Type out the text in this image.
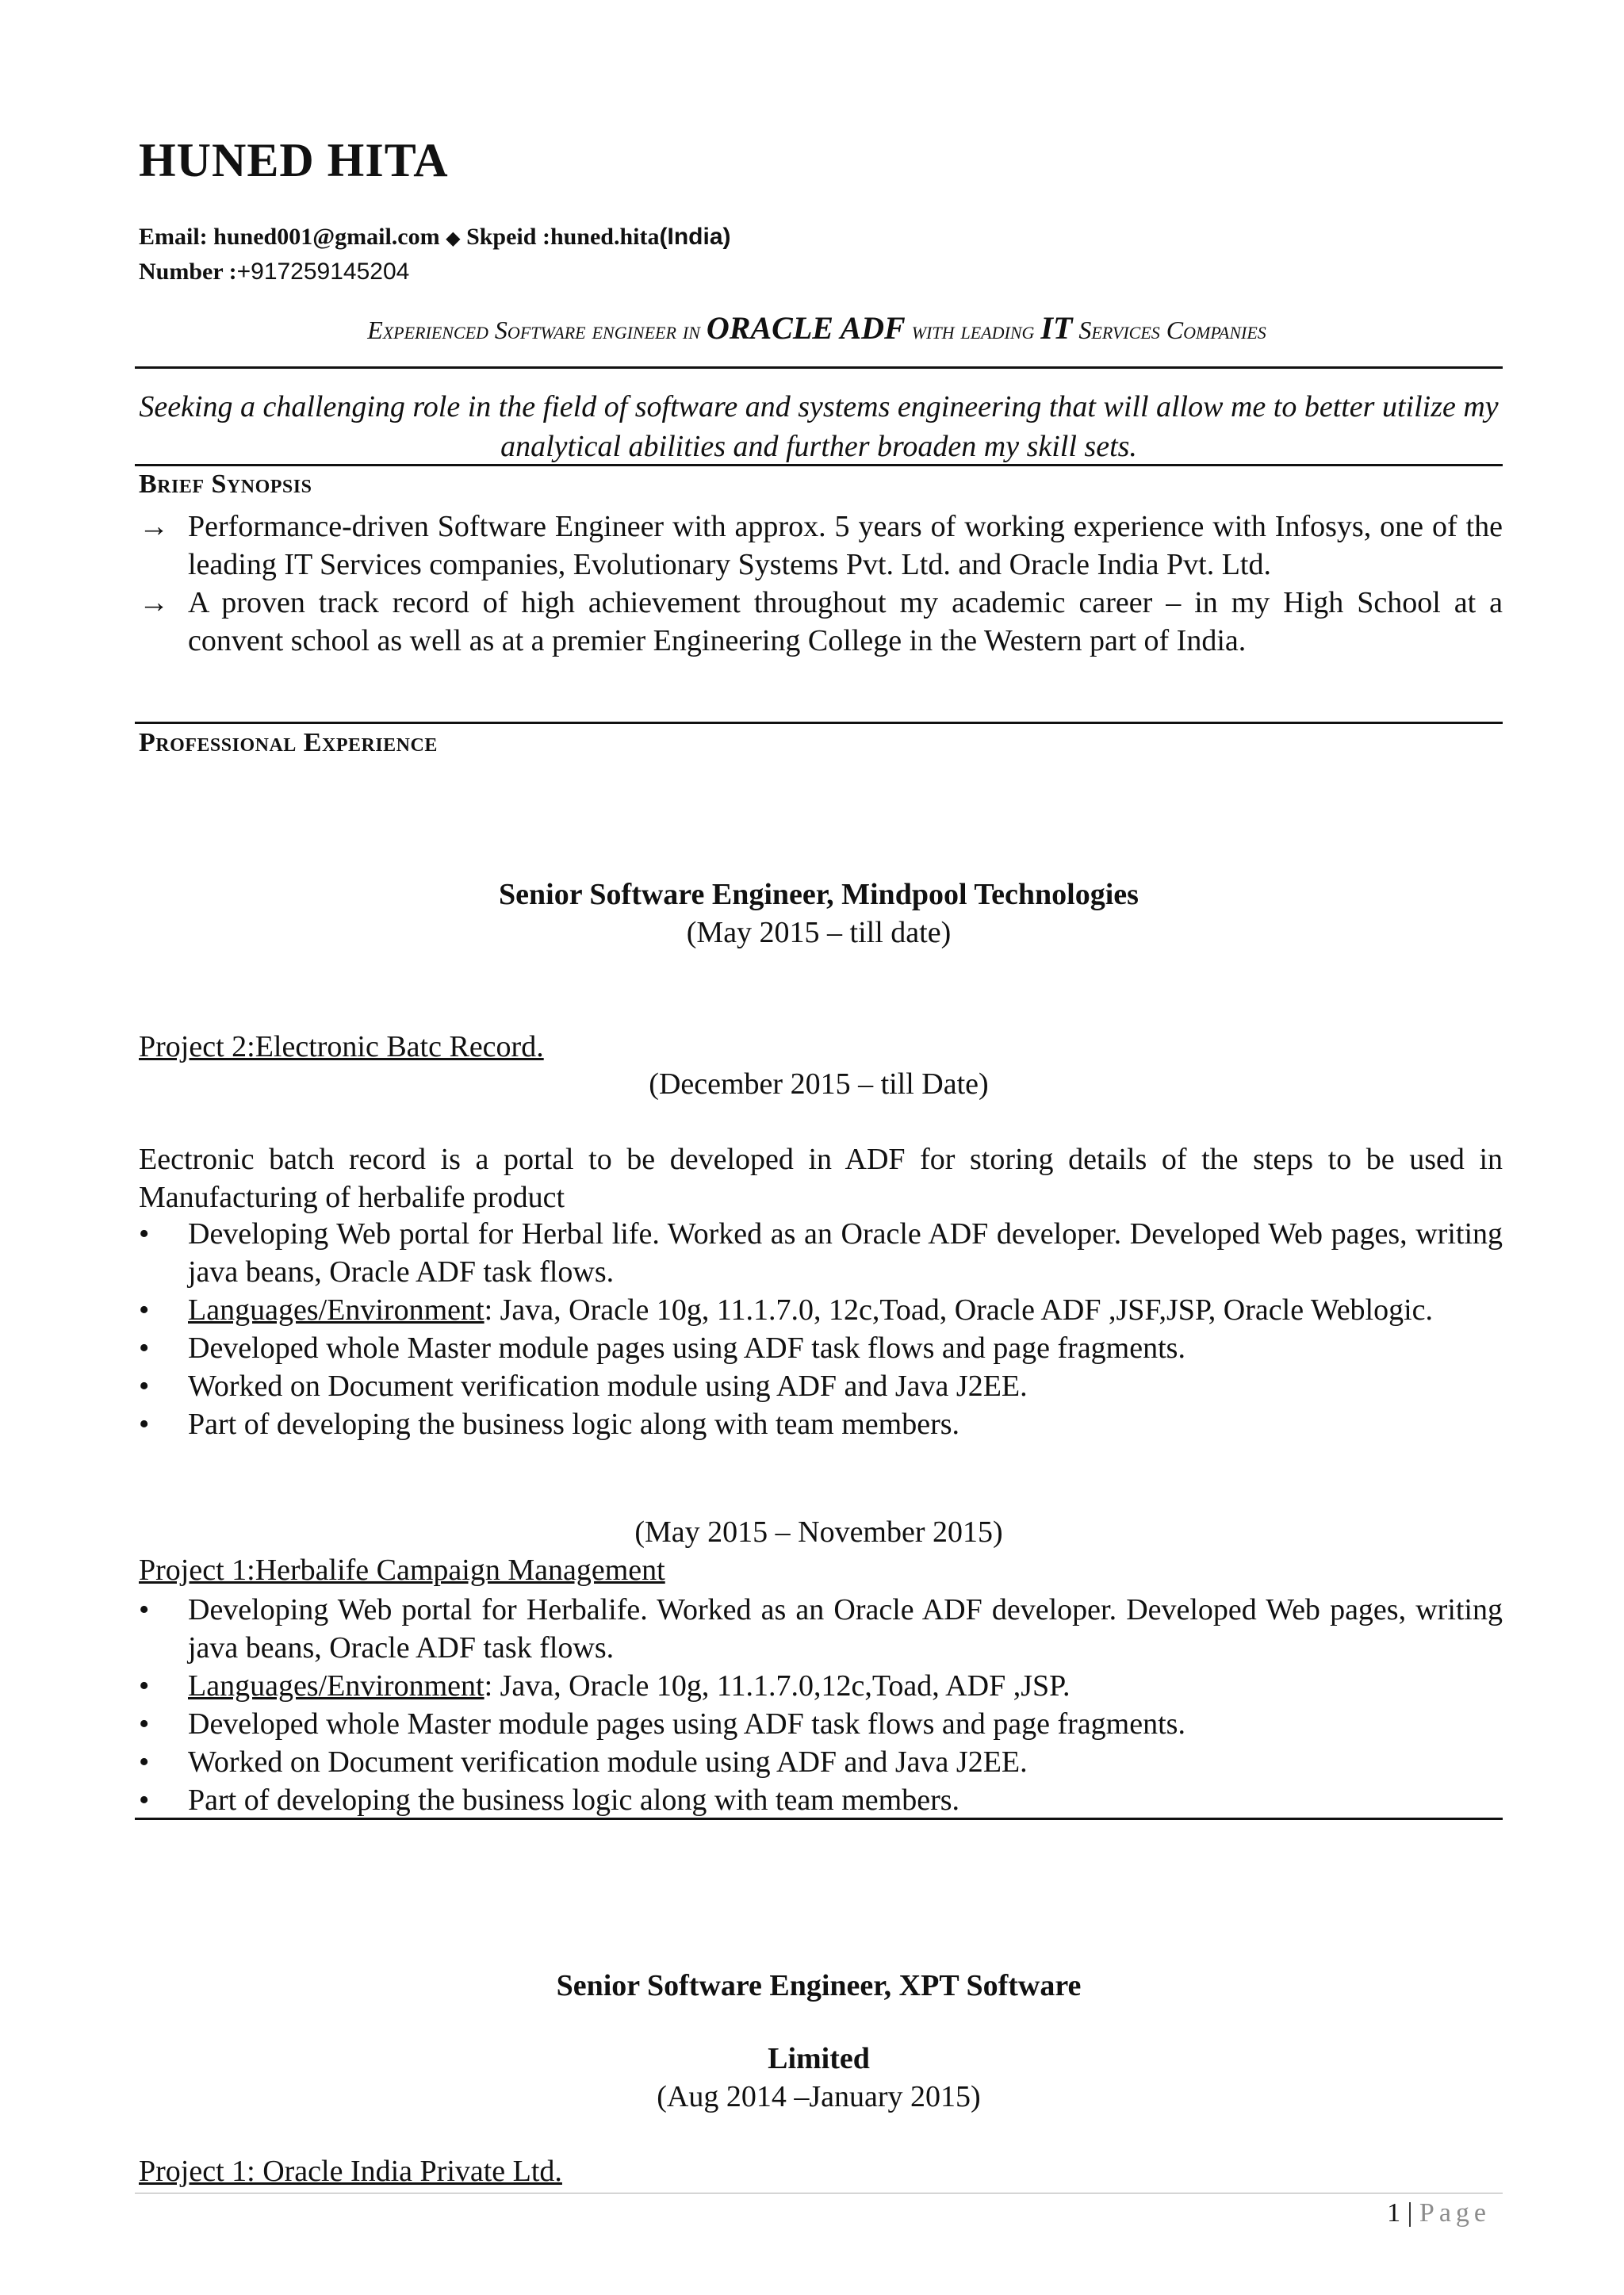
HUNED HITA
Email: huned001@gmail.com ◆ Skpeid :huned.hita(India)
Number :+917259145204
Experienced Software engineer in ORACLE ADF with leading IT Services Companies
Seeking a challenging role in the field of software and systems engineering that will allow me to better utilize my analytical abilities and further broaden my skill sets.
Brief Synopsis
→ Performance-driven Software Engineer with approx. 5 years of working experience with Infosys, one of the leading IT Services companies, Evolutionary Systems Pvt. Ltd. and Oracle India Pvt. Ltd.
→ A proven track record of high achievement throughout my academic career – in my High School at a convent school as well as at a premier Engineering College in the Western part of India.
Professional Experience
Senior Software Engineer, Mindpool Technologies
(May 2015 – till date)
Project 2:Electronic Batc Record.
(December 2015 – till Date)
Eectronic batch record is a portal to be developed in ADF for storing details of the steps to be used in Manufacturing of herbalife product
•	Developing Web portal for Herbal life. Worked as an Oracle ADF developer. Developed Web pages, writing java beans, Oracle ADF task flows.
•	Languages/Environment: Java, Oracle 10g, 11.1.7.0, 12c,Toad, Oracle ADF ,JSF,JSP, Oracle Weblogic.
•	Developed whole Master module pages using ADF task flows and page fragments.
•	Worked on Document verification module using ADF and Java J2EE.
•	Part of developing the business logic along with team members.
(May 2015 – November 2015)
Project 1:Herbalife Campaign Management
•	Developing Web portal for Herbalife. Worked as an Oracle ADF developer. Developed Web pages, writing java beans, Oracle ADF task flows.
•	Languages/Environment: Java, Oracle 10g, 11.1.7.0,12c,Toad, ADF ,JSP.
•	Developed whole Master module pages using ADF task flows and page fragments.
•	Worked on Document verification module using ADF and Java J2EE.
•	Part of developing the business logic along with team members.
Senior Software Engineer, XPT Software
Limited
(Aug 2014 –January 2015)
Project 1: Oracle India Private Ltd.
1 | Page
